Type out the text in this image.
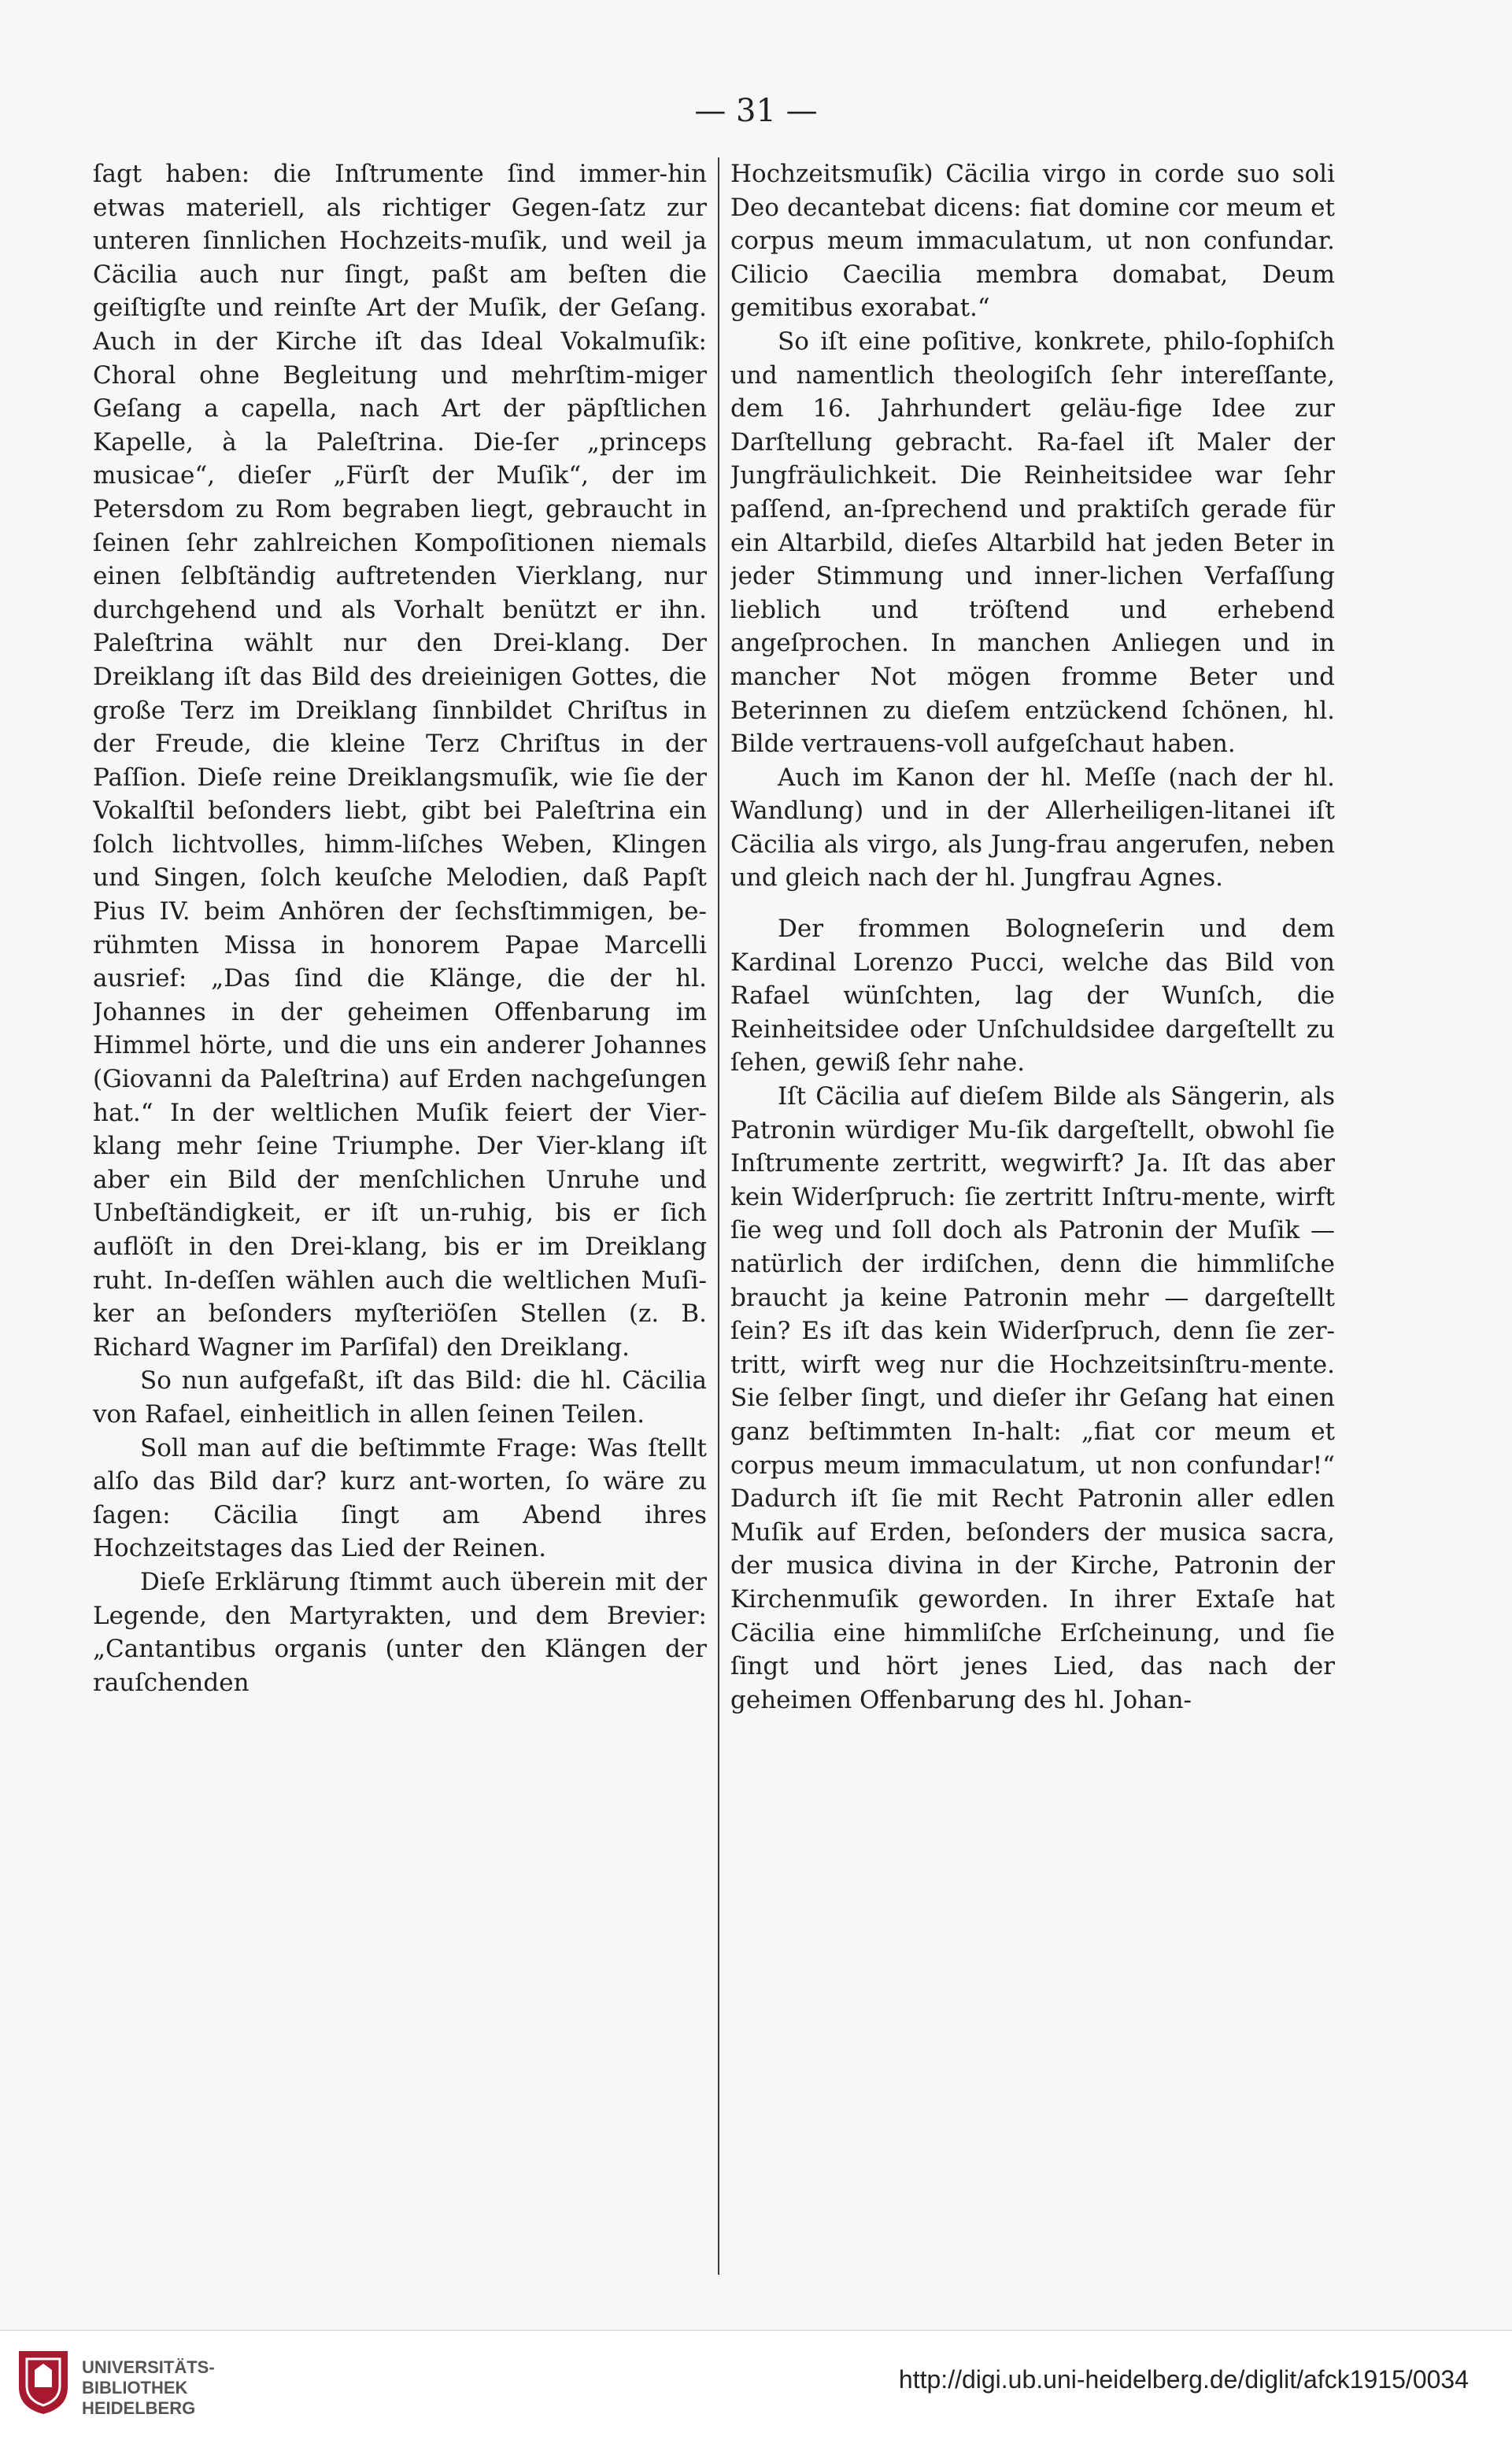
— 31 —

ſagt haben: die Inſtrumente ſind immer-hin etwas materiell, als richtiger Gegen-ſatz zur unteren ſinnlichen Hochzeits-muſik, und weil ja Cäcilia auch nur ſingt, paßt am beſten die geiſtigſte und reinſte Art der Muſik, der Geſang. Auch in der Kirche iſt das Ideal Vokalmuſik: Choral ohne Begleitung und mehrſtim-miger Geſang a capella, nach Art der päpſtlichen Kapelle, à la Paleſtrina. Die-ſer „princeps musicae“, dieſer „Fürſt der Muſik“, der im Petersdom zu Rom begraben liegt, gebraucht in ſeinen ſehr zahlreichen Kompoſitionen niemals einen ſelbſtändig auftretenden Vierklang, nur durchgehend und als Vorhalt benützt er ihn. Paleſtrina wählt nur den Drei-klang. Der Dreiklang iſt das Bild des dreieinigen Gottes, die große Terz im Dreiklang ſinnbildet Chriſtus in der Freude, die kleine Terz Chriſtus in der Paſſion. Dieſe reine Dreiklangsmuſik, wie ſie der Vokalſtil beſonders liebt, gibt bei Paleſtrina ein ſolch lichtvolles, himm-liſches Weben, Klingen und Singen, ſolch keuſche Melodien, daß Papſt Pius IV. beim Anhören der ſechsſtimmigen, be-rühmten Missa in honorem Papae Marcelli ausrief: „Das ſind die Klänge, die der hl. Johannes in der geheimen Offenbarung im Himmel hörte, und die uns ein anderer Johannes (Giovanni da Paleſtrina) auf Erden nachgeſungen hat.“ In der weltlichen Muſik feiert der Vier-klang mehr ſeine Triumphe. Der Vier-klang iſt aber ein Bild der menſchlichen Unruhe und Unbeſtändigkeit, er iſt un-ruhig, bis er ſich auflöſt in den Drei-klang, bis er im Dreiklang ruht. In-deſſen wählen auch die weltlichen Muſi-ker an beſonders myſteriöſen Stellen (z. B. Richard Wagner im Parſifal) den Dreiklang.

So nun aufgefaßt, iſt das Bild: die hl. Cäcilia von Rafael, einheitlich in allen ſeinen Teilen.

Soll man auf die beſtimmte Frage: Was ſtellt alſo das Bild dar? kurz ant-worten, ſo wäre zu ſagen: Cäcilia ſingt am Abend ihres Hochzeitstages das Lied der Reinen.

Dieſe Erklärung ſtimmt auch überein mit der Legende, den Martyrakten, und dem Brevier: „Cantantibus organis (unter den Klängen der rauſchenden

Hochzeitsmuſik) Cäcilia virgo in corde suo soli Deo decantebat dicens: fiat domine cor meum et corpus meum immaculatum, ut non confundar. Cilicio Caecilia membra domabat, Deum gemitibus exorabat.“

So iſt eine poſitive, konkrete, philo-ſophiſch und namentlich theologiſch ſehr intereſſante, dem 16. Jahrhundert geläu-fige Idee zur Darſtellung gebracht. Ra-fael iſt Maler der Jungfräulichkeit. Die Reinheitsidee war ſehr paſſend, an-ſprechend und praktiſch gerade für ein Altarbild, dieſes Altarbild hat jeden Beter in jeder Stimmung und inner-lichen Verfaſſung lieblich und tröſtend und erhebend angeſprochen. In manchen Anliegen und in mancher Not mögen fromme Beter und Beterinnen zu dieſem entzückend ſchönen, hl. Bilde vertrauens-voll aufgeſchaut haben.

Auch im Kanon der hl. Meſſe (nach der hl. Wandlung) und in der Allerheiligen-litanei iſt Cäcilia als virgo, als Jung-frau angerufen, neben und gleich nach der hl. Jungfrau Agnes.

Der frommen Bologneſerin und dem Kardinal Lorenzo Pucci, welche das Bild von Rafael wünſchten, lag der Wunſch, die Reinheitsidee oder Unſchuldsidee dargeſtellt zu ſehen, gewiß ſehr nahe.

Iſt Cäcilia auf dieſem Bilde als Sängerin, als Patronin würdiger Mu-ſik dargeſtellt, obwohl ſie Inſtrumente zertritt, wegwirft? Ja. Iſt das aber kein Widerſpruch: ſie zertritt Inſtru-mente, wirft ſie weg und ſoll doch als Patronin der Muſik — natürlich der irdiſchen, denn die himmliſche braucht ja keine Patronin mehr — dargeſtellt ſein? Es iſt das kein Widerſpruch, denn ſie zer-tritt, wirft weg nur die Hochzeitsinſtru-mente. Sie ſelber ſingt, und dieſer ihr Geſang hat einen ganz beſtimmten In-halt: „fiat cor meum et corpus meum immaculatum, ut non confundar!“ Dadurch iſt ſie mit Recht Patronin aller edlen Muſik auf Erden, beſonders der musica sacra, der musica divina in der Kirche, Patronin der Kirchenmuſik geworden. In ihrer Extaſe hat Cäcilia eine himmliſche Erſcheinung, und ſie ſingt und hört jenes Lied, das nach der geheimen Offenbarung des hl. Johan-

UNIVERSITÄTS-
BIBLIOTHEK
HEIDELBERG
http://digi.ub.uni-heidelberg.de/diglit/afck1915/0034
